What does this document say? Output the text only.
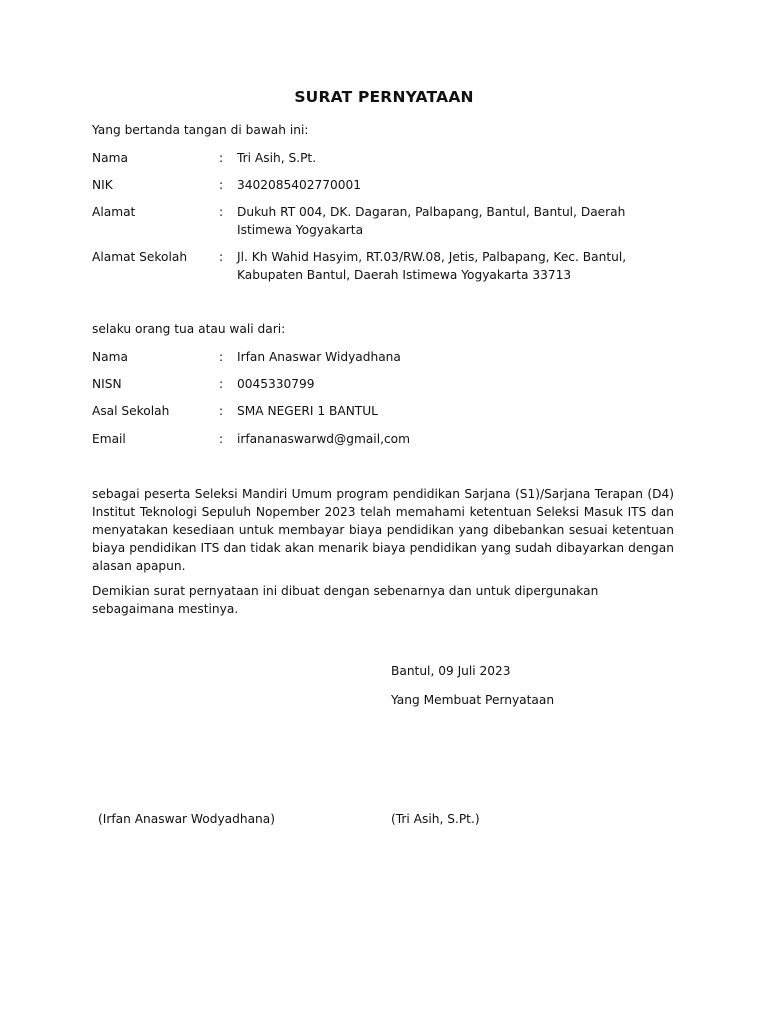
SURAT PERNYATAAN
Yang bertanda tangan di bawah ini:
Nama	: Tri Asih, S.Pt.
NIK	: 3402085402770001
Alamat	: Dukuh RT 004, DK. Dagaran, Palbapang, Bantul, Bantul, Daerah Istimewa Yogyakarta
Alamat Sekolah	: Jl. Kh Wahid Hasyim, RT.03/RW.08, Jetis, Palbapang, Kec. Bantul, Kabupaten Bantul, Daerah Istimewa Yogyakarta 33713
selaku orang tua atau wali dari:
Nama	: Irfan Anaswar Widyadhana
NISN	: 0045330799
Asal Sekolah	: SMA NEGERI 1 BANTUL
Email	: irfananaswarwd@gmail,com
sebagai peserta Seleksi Mandiri Umum program pendidikan Sarjana (S1)/Sarjana Terapan (D4) Institut Teknologi Sepuluh Nopember 2023 telah memahami ketentuan Seleksi Masuk ITS dan menyatakan kesediaan untuk membayar biaya pendidikan yang dibebankan sesuai ketentuan biaya pendidikan ITS dan tidak akan menarik biaya pendidikan yang sudah dibayarkan dengan alasan apapun.
Demikian surat pernyataan ini dibuat dengan sebenarnya dan untuk dipergunakan sebagaimana mestinya.
Bantul, 09 Juli 2023
Yang Membuat Pernyataan
(Irfan Anaswar Wodyadhana)	(Tri Asih, S.Pt.)
